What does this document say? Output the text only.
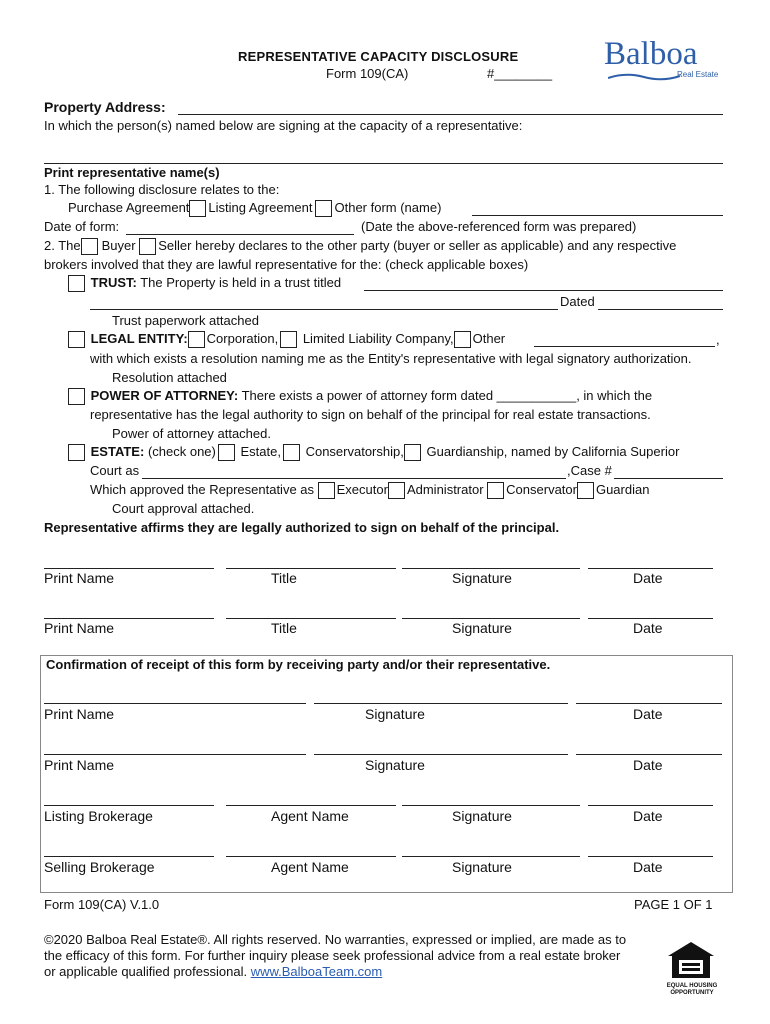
REPRESENTATIVE CAPACITY DISCLOSURE
Form 109(CA)	#________
Balboa
Real Estate
Property Address:
In which the person(s) named below are signing at the capacity of a representative:
Print representative name(s)
1. The following disclosure relates to the:
Purchase Agreement Listing Agreement Other form (name)
Date of form:	(Date the above-referenced form was prepared)
2. The Buyer Seller hereby declares to the other party (buyer or seller as applicable) and any respective
brokers involved that they are lawful representative for the: (check applicable boxes)
TRUST: The Property is held in a trust titled
Dated
Trust paperwork attached
LEGAL ENTITY: Corporation, Limited Liability Company, Other	,
with which exists a resolution naming me as the Entity's representative with legal signatory authorization.
Resolution attached
POWER OF ATTORNEY: There exists a power of attorney form dated ___________, in which the
representative has the legal authority to sign on behalf of the principal for real estate transactions.
Power of attorney attached.
ESTATE: (check one) Estate, Conservatorship, Guardianship, named by California Superior
Court as	,Case #
Which approved the Representative as Executor Administrator Conservator Guardian
Court approval attached.
Representative affirms they are legally authorized to sign on behalf of the principal.
Print Name	Title	Signature	Date
Print Name	Title	Signature	Date
Confirmation of receipt of this form by receiving party and/or their representative.
Print Name	Signature	Date
Print Name	Signature	Date
Listing Brokerage	Agent Name	Signature	Date
Selling Brokerage	Agent Name	Signature	Date
Form 109(CA) V.1.0	PAGE 1 OF 1
©2020 Balboa Real Estate®. All rights reserved. No warranties, expressed or implied, are made as to
the efficacy of this form. For further inquiry please seek professional advice from a real estate broker
or applicable qualified professional. www.BalboaTeam.com
EQUAL HOUSING
OPPORTUNITY
